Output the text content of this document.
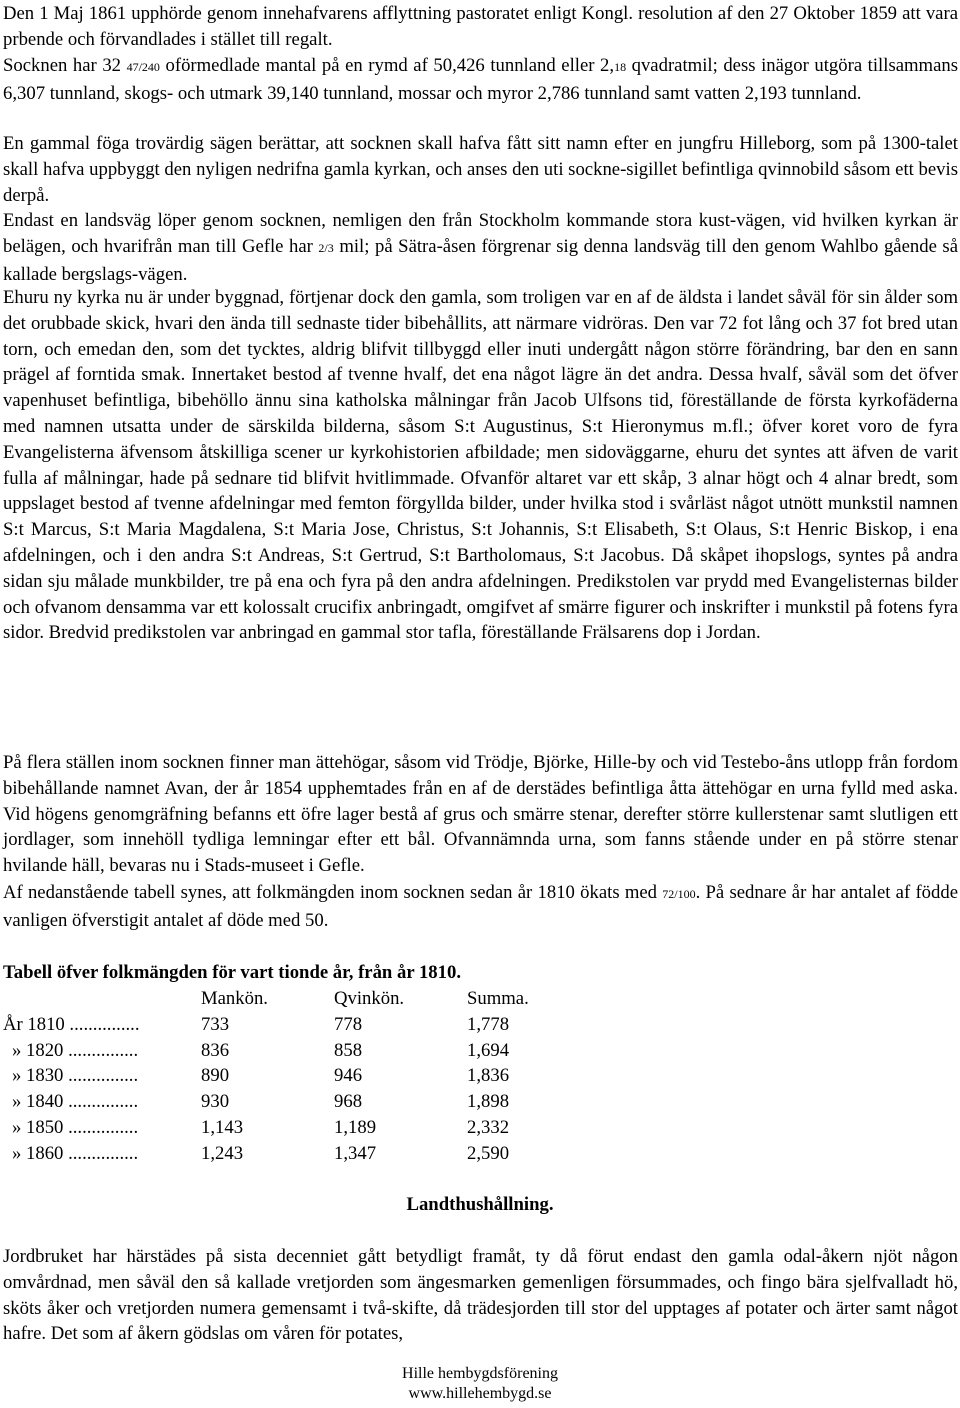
Den 1 Maj 1861 upphörde genom innehafvarens afflyttning pastoratet enligt Kongl. resolution af den 27 Oktober 1859 att vara prbende och förvandlades i stället till regalt.

Socknen har 32 47/240 oförmedlade mantal på en rymd af 50,426 tunnland eller 2,18 qvadratmil; dess inägor utgöra tillsammans 6,307 tunnland, skogs- och utmark 39,140 tunnland, mossar och myror 2,786 tunnland samt vatten 2,193 tunnland.

En gammal föga trovärdig sägen berättar, att socknen skall hafva fått sitt namn efter en jungfru Hilleborg, som på 1300-talet skall hafva uppbyggt den nyligen nedrifna gamla kyrkan, och anses den uti sockne-sigillet befintliga qvinnobild såsom ett bevis derpå.

Endast en landsväg löper genom socknen, nemligen den från Stockholm kommande stora kust-vägen, vid hvilken kyrkan är belägen, och hvarifrån man till Gefle har 2/3 mil; på Sätra-åsen förgrenar sig denna landsväg till den genom Wahlbo gående så kallade bergslags-vägen.

Ehuru ny kyrka nu är under byggnad, förtjenar dock den gamla, som troligen var en af de äldsta i landet såväl för sin ålder som det orubbade skick, hvari den ända till sednaste tider bibehållits, att närmare vidröras. Den var 72 fot lång och 37 fot bred utan torn, och emedan den, som det tycktes, aldrig blifvit tillbyggd eller inuti undergått någon större förändring, bar den en sann prägel af forntida smak. Innertaket bestod af tvenne hvalf, det ena något lägre än det andra. Dessa hvalf, såväl som det öfver vapenhuset befintliga, bibehöllo ännu sina katholska målningar från Jacob Ulfsons tid, föreställande de första kyrkofäderna med namnen utsatta under de särskilda bilderna, såsom S:t Augustinus, S:t Hieronymus m.fl.; öfver koret voro de fyra Evangelisterna äfvensom åtskilliga scener ur kyrkohistorien afbildade; men sidoväggarne, ehuru det syntes att äfven de varit fulla af målningar, hade på sednare tid blifvit hvitlimmade. Ofvanför altaret var ett skåp, 3 alnar högt och 4 alnar bredt, som uppslaget bestod af tvenne afdelningar med femton förgyllda bilder, under hvilka stod i svårläst något utnött munkstil namnen S:t Marcus, S:t Maria Magdalena, S:t Maria Jose, Christus, S:t Johannis, S:t Elisabeth, S:t Olaus, S:t Henric Biskop, i ena afdelningen, och i den andra S:t Andreas, S:t Gertrud, S:t Bartholomaus, S:t Jacobus. Då skåpet ihopslogs, syntes på andra sidan sju målade munkbilder, tre på ena och fyra på den andra afdelningen. Predikstolen var prydd med Evangelisternas bilder och ofvanom densamma var ett kolossalt crucifix anbringadt, omgifvet af smärre figurer och inskrifter i munkstil på fotens fyra sidor. Bredvid predikstolen var anbringad en gammal stor tafla, föreställande Frälsarens dop i Jordan.

På flera ställen inom socknen finner man ättehögar, såsom vid Trödje, Björke, Hille-by och vid Testebo-åns utlopp från fordom bibehållande namnet Avan, der år 1854 upphemtades från en af de derstädes befintliga åtta ättehögar en urna fylld med aska. Vid högens genomgräfning befanns ett öfre lager bestå af grus och smärre stenar, derefter större kullerstenar samt slutligen ett jordlager, som innehöll tydliga lemningar efter ett bål. Ofvannämnda urna, som fanns stående under en på större stenar hvilande häll, bevaras nu i Stads-museet i Gefle.

Af nedanstående tabell synes, att folkmängden inom socknen sedan år 1810 ökats med 72/100. På sednare år har antalet af födde vanligen öfverstigit antalet af döde med 50.

Tabell öfver folkmängden för vart tionde år, från år 1810.

	Mankön.	Qvinkön.	Summa.
År 1810 ...............	733	778	1,778
» 1820 ...............	836	858	1,694
» 1830 ...............	890	946	1,836
» 1840 ...............	930	968	1,898
» 1850 ...............	1,143	1,189	2,332
» 1860 ...............	1,243	1,347	2,590

Landthushållning.

Jordbruket har härstädes på sista decenniet gått betydligt framåt, ty då förut endast den gamla odal-åkern njöt någon omvårdnad, men såväl den så kallade vretjorden som ängesmarken gemenligen försummades, och fingo bära sjelfvalladt hö, sköts åker och vretjorden numera gemensamt i två-skifte, då trädesjorden till stor del upptages af potater och ärter samt något hafre. Det som af åkern gödslas om våren för potates,

Hille hembygdsförening
www.hillehembygd.se
